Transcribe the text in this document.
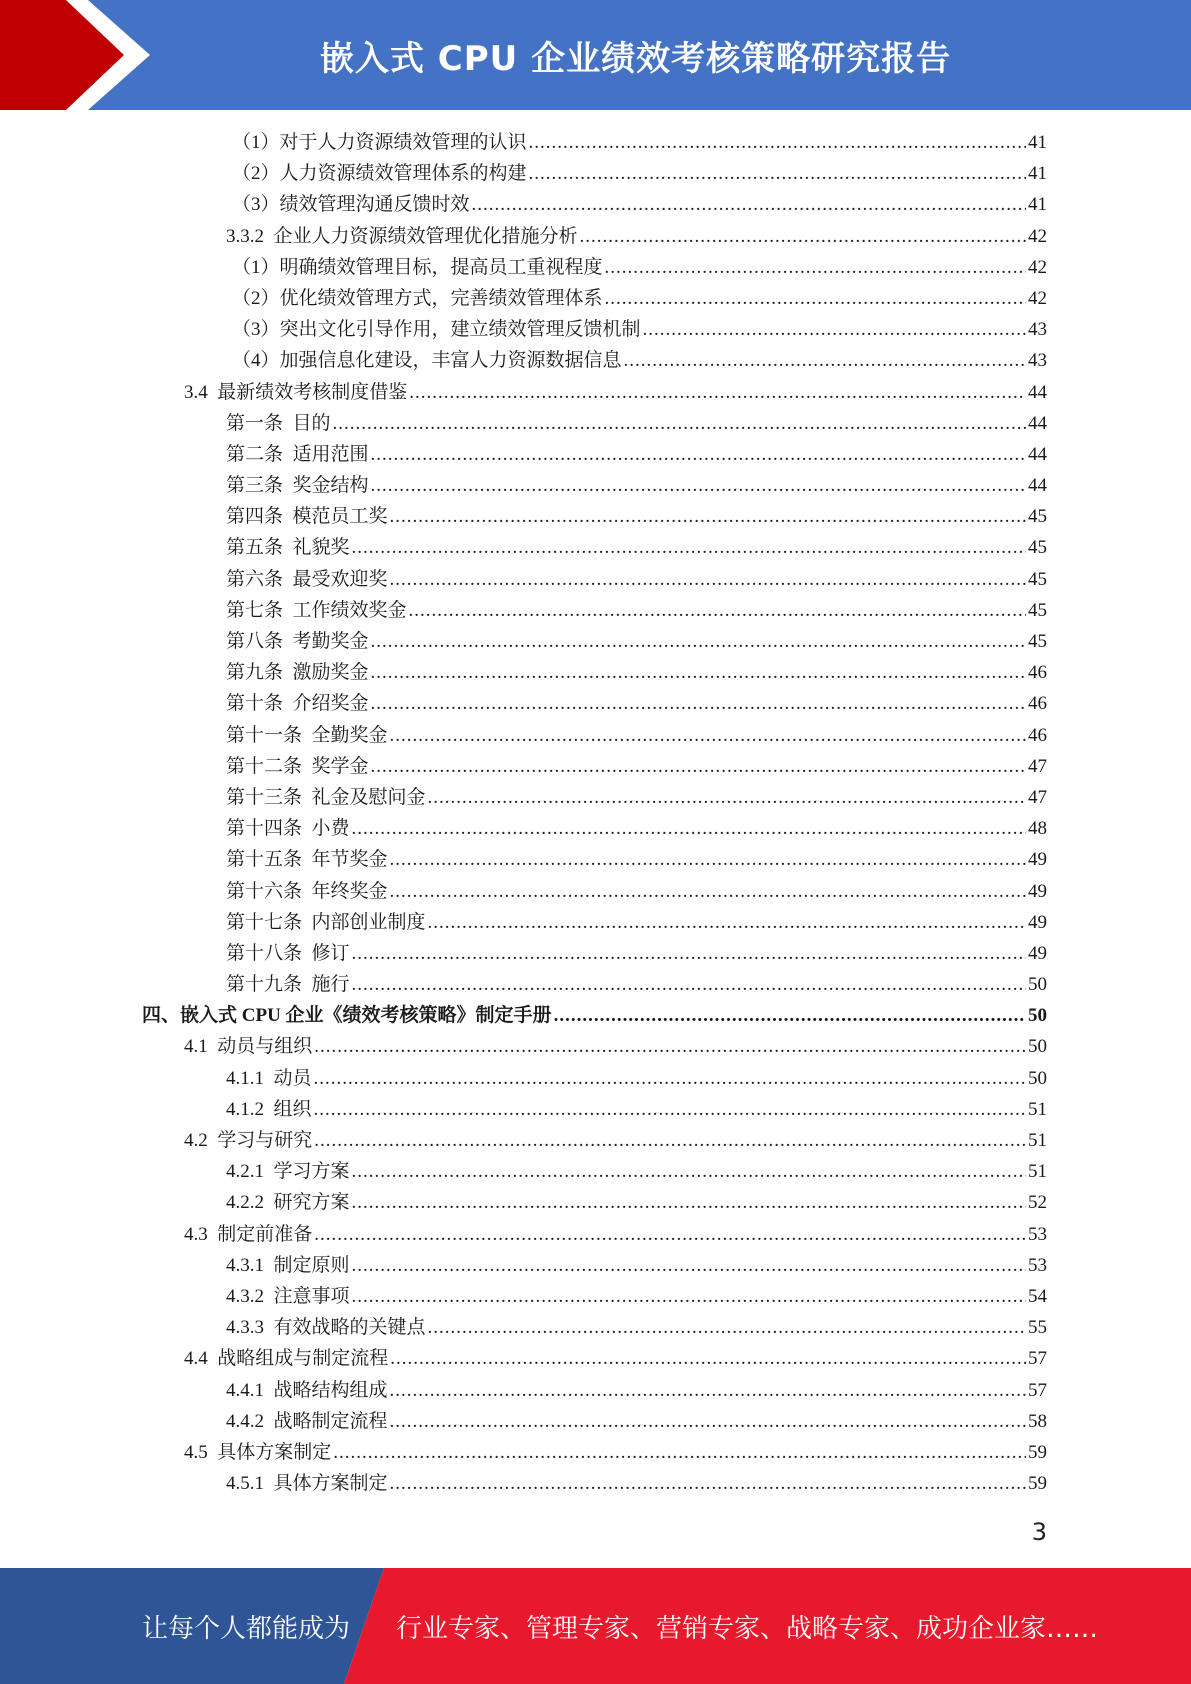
嵌入式 CPU 企业绩效考核策略研究报告
（1）对于人力资源绩效管理的认识 .....	41
（2）人力资源绩效管理体系的构建 .....	41
（3）绩效管理沟通反馈时效 .....	41
3.3.2  企业人力资源绩效管理优化措施分析 .....	42
（1）明确绩效管理目标，提高员工重视程度 .....	42
（2）优化绩效管理方式，完善绩效管理体系 .....	42
（3）突出文化引导作用，建立绩效管理反馈机制 .....	43
（4）加强信息化建设，丰富人力资源数据信息 .....	43
3.4  最新绩效考核制度借鉴 .....	44
第一条  目的 .....	44
第二条  适用范围 .....	44
第三条  奖金结构 .....	44
第四条  模范员工奖 .....	45
第五条  礼貌奖 .....	45
第六条  最受欢迎奖 .....	45
第七条  工作绩效奖金 .....	45
第八条  考勤奖金 .....	45
第九条  激励奖金 .....	46
第十条  介绍奖金 .....	46
第十一条  全勤奖金 .....	46
第十二条  奖学金 .....	47
第十三条  礼金及慰问金 .....	47
第十四条  小费 .....	48
第十五条  年节奖金 .....	49
第十六条  年终奖金 .....	49
第十七条  内部创业制度 .....	49
第十八条  修订 .....	49
第十九条  施行 .....	50
四、嵌入式 CPU 企业《绩效考核策略》制定手册 .....	50
4.1  动员与组织 .....	50
4.1.1  动员 .....	50
4.1.2  组织 .....	51
4.2  学习与研究 .....	51
4.2.1  学习方案 .....	51
4.2.2  研究方案 .....	52
4.3  制定前准备 .....	53
4.3.1  制定原则 .....	53
4.3.2  注意事项 .....	54
4.3.3  有效战略的关键点 .....	55
4.4  战略组成与制定流程 .....	57
4.4.1  战略结构组成 .....	57
4.4.2  战略制定流程 .....	58
4.5  具体方案制定 .....	59
4.5.1  具体方案制定 .....	59
3
让每个人都能成为 行业专家、管理专家、营销专家、战略专家、成功企业家……
